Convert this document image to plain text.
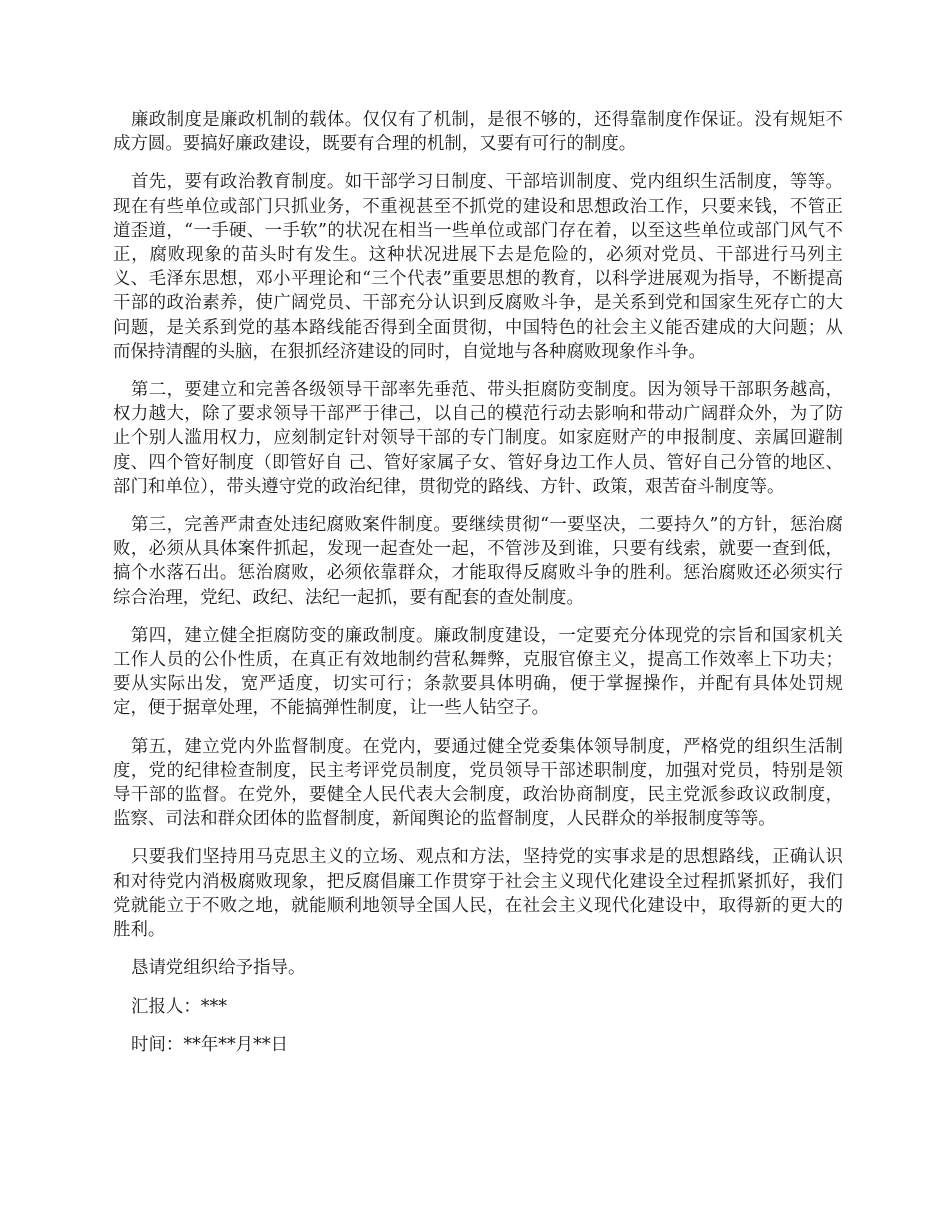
廉政制度是廉政机制的载体。仅仅有了机制，是很不够的，还得靠制度作保证。没有规矩不成方圆。要搞好廉政建设，既要有合理的机制，又要有可行的制度。

首先，要有政治教育制度。如干部学习日制度、干部培训制度、党内组织生活制度，等等。现在有些单位或部门只抓业务，不重视甚至不抓党的建设和思想政治工作，只要来钱，不管正道歪道，“一手硬、一手软”的状况在相当一些单位或部门存在着，以至这些单位或部门风气不正，腐败现象的苗头时有发生。这种状况进展下去是危险的，必须对党员、干部进行马列主义、毛泽东思想，邓小平理论和“三个代表”重要思想的教育，以科学进展观为指导，不断提高干部的政治素养，使广阔党员、干部充分认识到反腐败斗争，是关系到党和国家生死存亡的大问题，是关系到党的基本路线能否得到全面贯彻，中国特色的社会主义能否建成的大问题；从而保持清醒的头脑，在狠抓经济建设的同时，自觉地与各种腐败现象作斗争。

第二，要建立和完善各级领导干部率先垂范、带头拒腐防变制度。因为领导干部职务越高，权力越大，除了要求领导干部严于律己，以自己的模范行动去影响和带动广阔群众外，为了防止个别人滥用权力，应刻制定针对领导干部的专门制度。如家庭财产的申报制度、亲属回避制度、四个管好制度（即管好自 己、管好家属子女、管好身边工作人员、管好自己分管的地区、部门和单位），带头遵守党的政治纪律，贯彻党的路线、方针、政策，艰苦奋斗制度等。

第三，完善严肃查处违纪腐败案件制度。要继续贯彻“一要坚决，二要持久”的方针，惩治腐败，必须从具体案件抓起，发现一起查处一起，不管涉及到谁，只要有线索，就要一查到低，搞个水落石出。惩治腐败，必须依靠群众，才能取得反腐败斗争的胜利。惩治腐败还必须实行综合治理，党纪、政纪、法纪一起抓，要有配套的查处制度。

第四，建立健全拒腐防变的廉政制度。廉政制度建设，一定要充分体现党的宗旨和国家机关工作人员的公仆性质，在真正有效地制约营私舞弊，克服官僚主义，提高工作效率上下功夫；要从实际出发，宽严适度，切实可行；条款要具体明确，便于掌握操作，并配有具体处罚规定，便于据章处理，不能搞弹性制度，让一些人钻空子。

第五，建立党内外监督制度。在党内，要通过健全党委集体领导制度，严格党的组织生活制度，党的纪律检查制度，民主考评党员制度，党员领导干部述职制度，加强对党员，特别是领导干部的监督。在党外，要健全人民代表大会制度，政治协商制度，民主党派参政议政制度，监察、司法和群众团体的监督制度，新闻舆论的监督制度，人民群众的举报制度等等。

只要我们坚持用马克思主义的立场、观点和方法，坚持党的实事求是的思想路线，正确认识和对待党内消极腐败现象，把反腐倡廉工作贯穿于社会主义现代化建设全过程抓紧抓好，我们党就能立于不败之地，就能顺利地领导全国人民，在社会主义现代化建设中，取得新的更大的胜利。

恳请党组织给予指导。

汇报人：***

时间：**年**月**日
